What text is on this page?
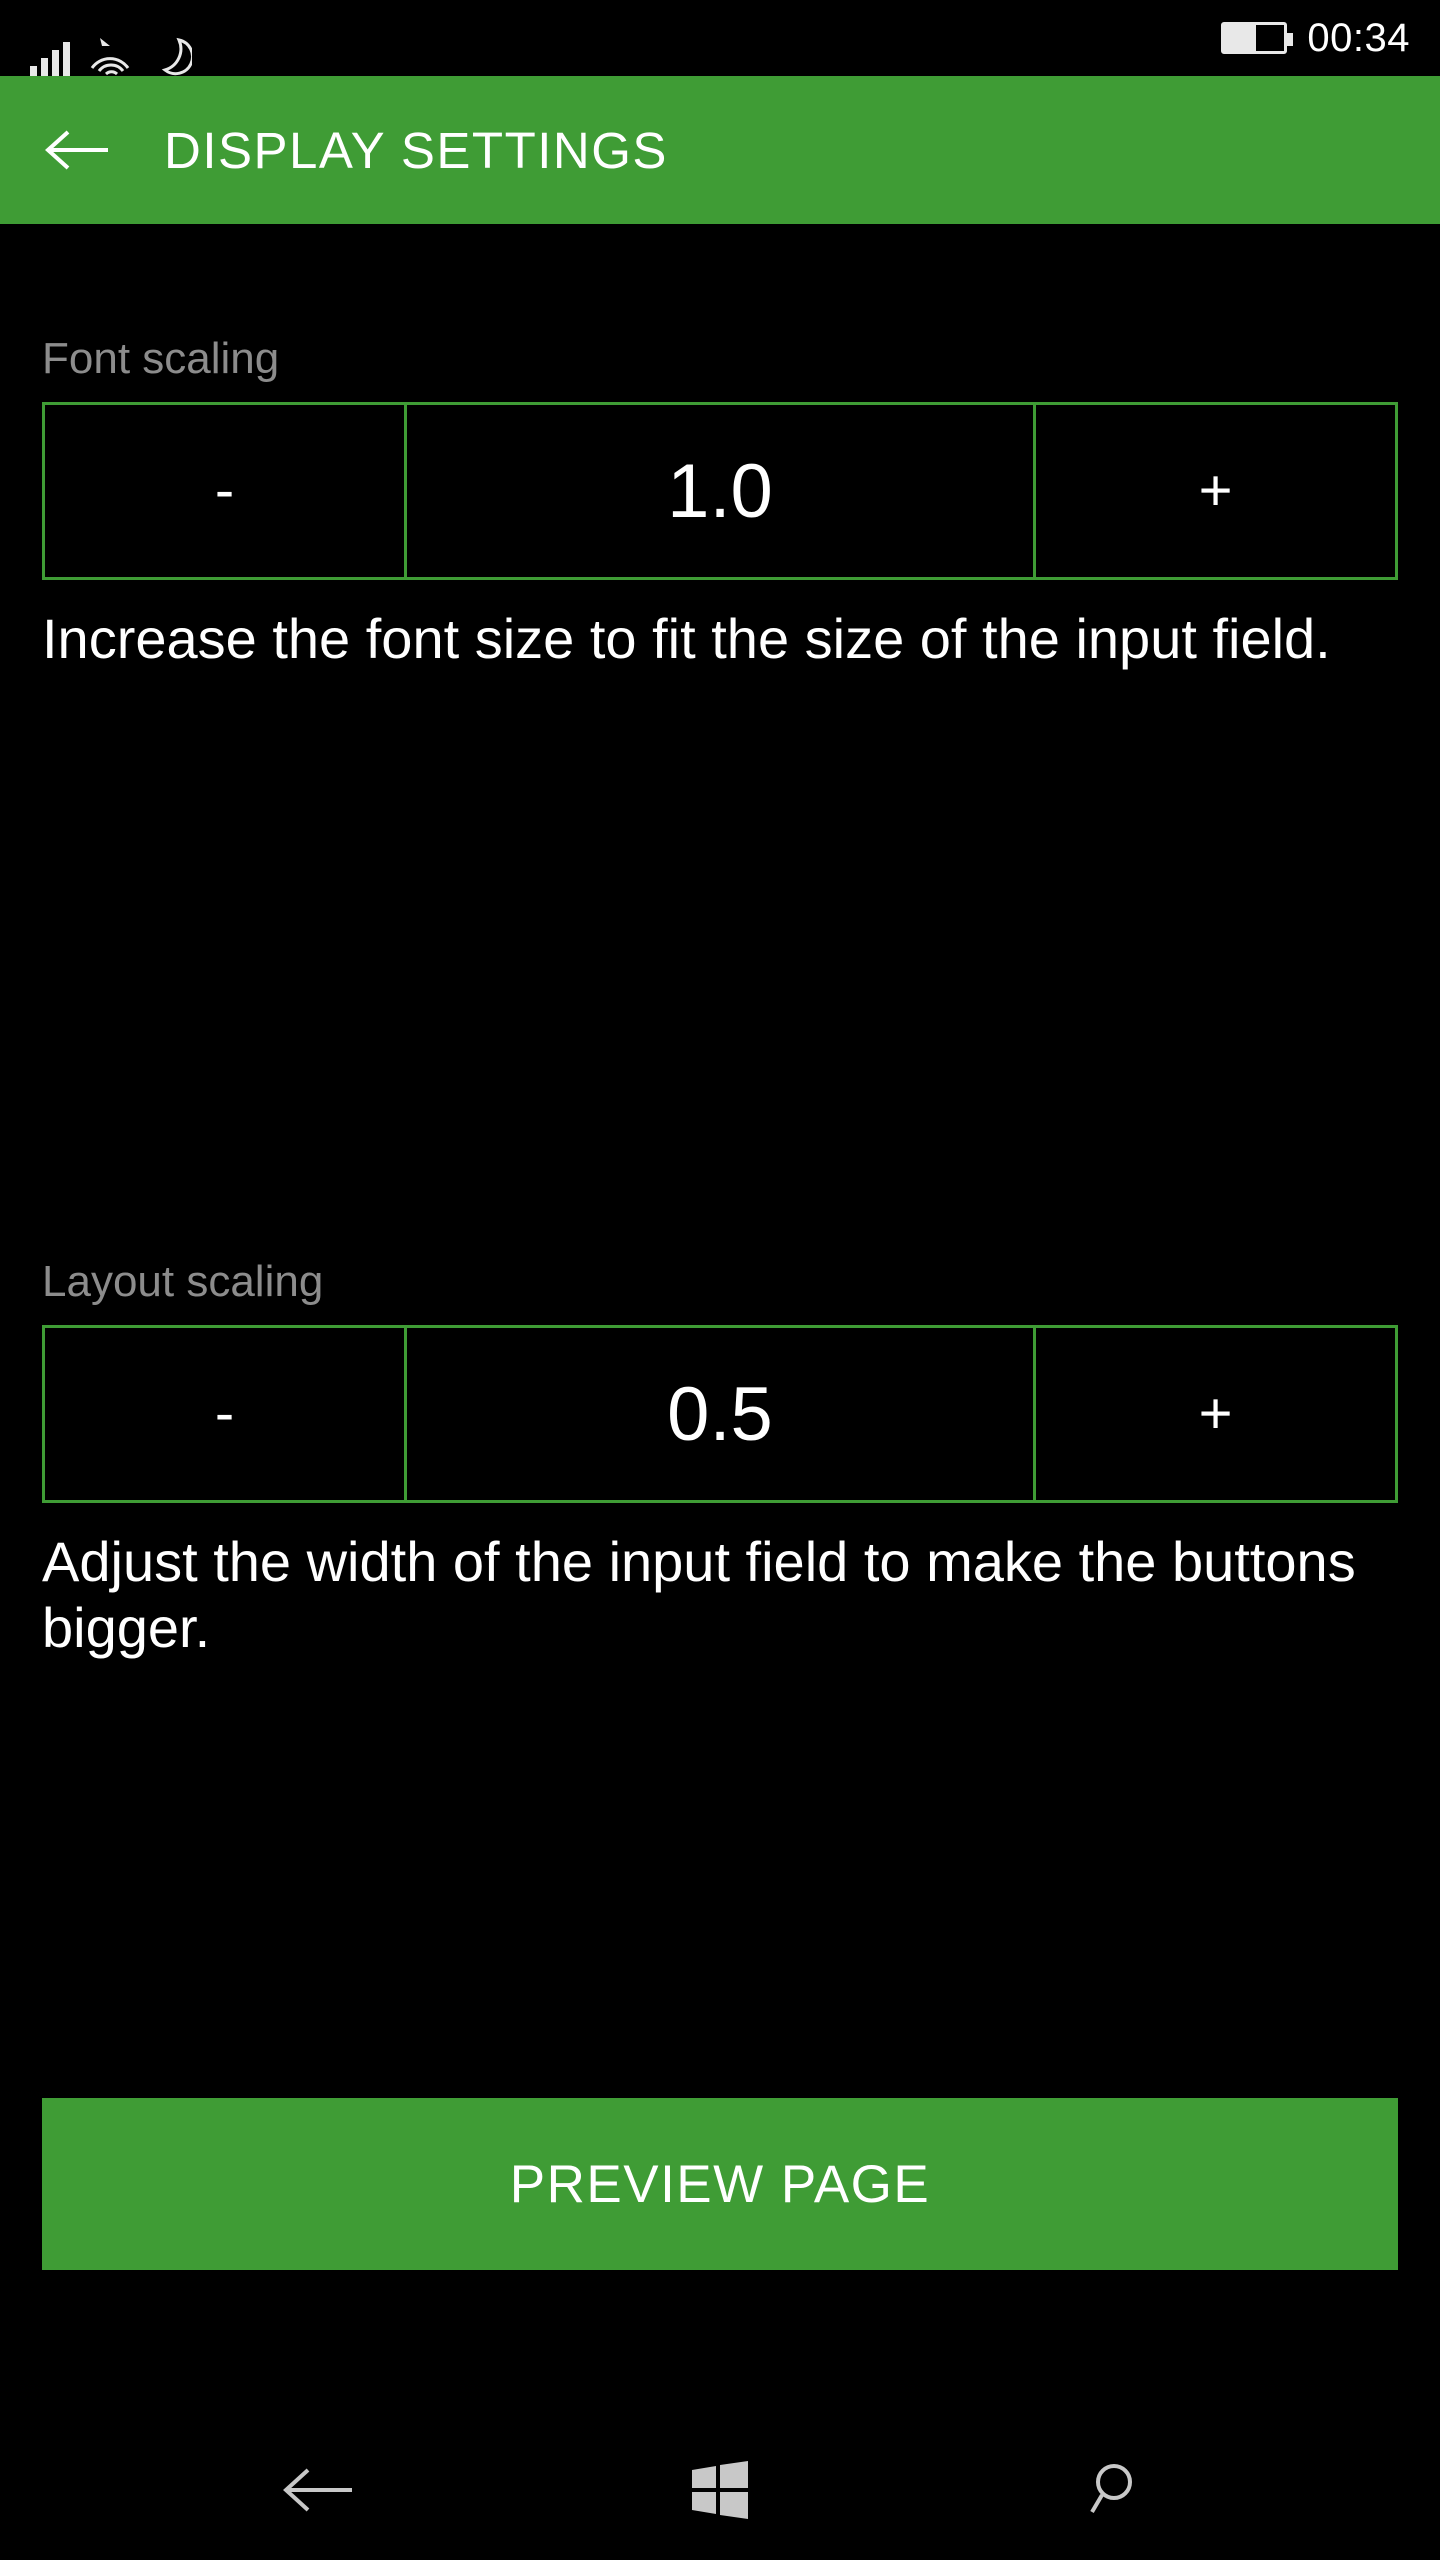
00:34
DISPLAY SETTINGS
Font scaling
-	1.0	+
Increase the font size to fit the size of the input field.
Layout scaling
-	0.5	+
Adjust the width of the input field to make the buttons bigger.
PREVIEW PAGE
